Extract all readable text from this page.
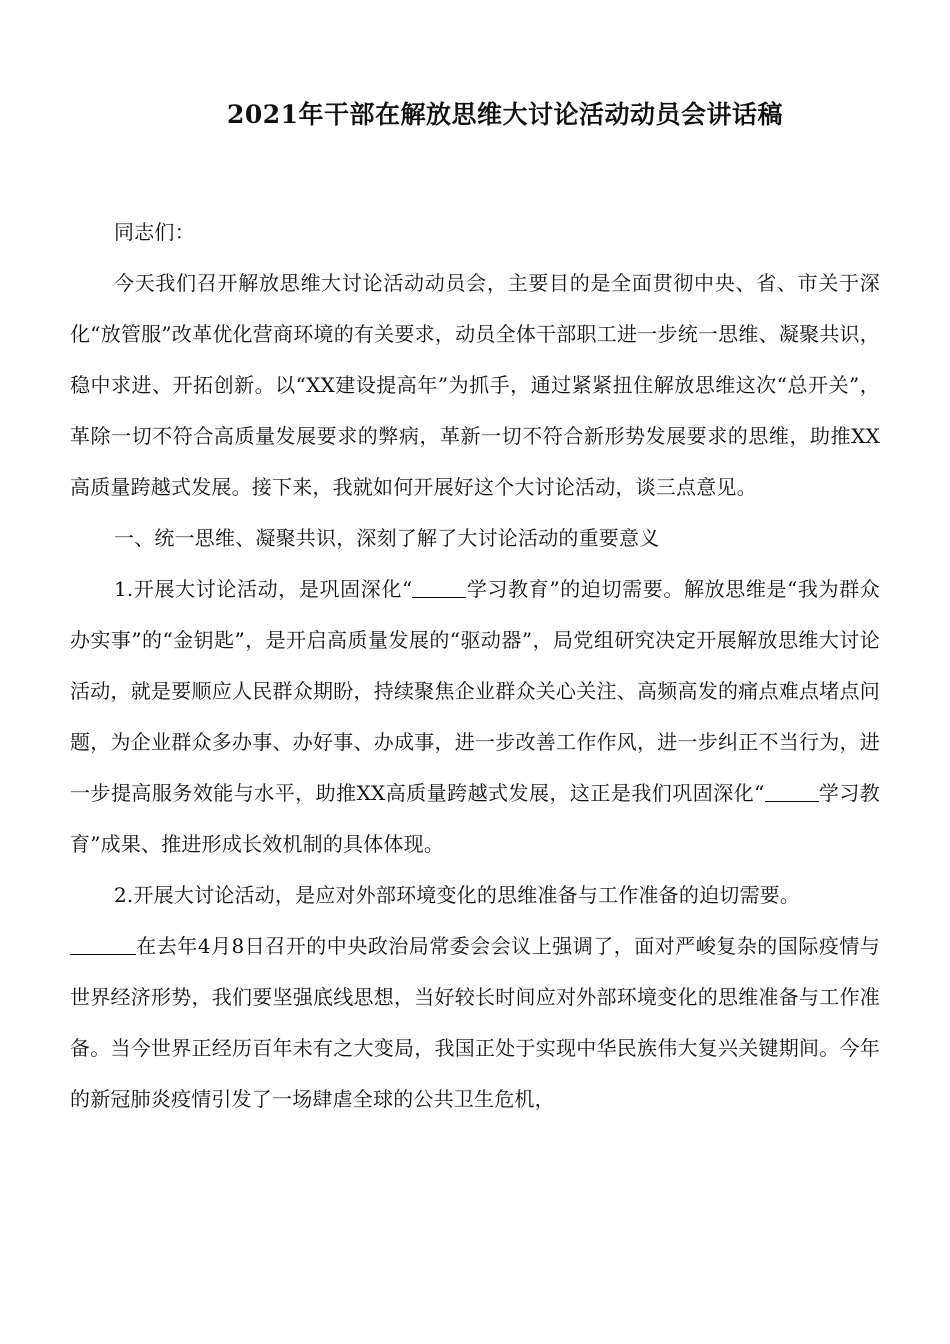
2021年干部在解放思维大讨论活动动员会讲话稿

同志们：

今天我们召开解放思维大讨论活动动员会，主要目的是全面贯彻中央、省、市关于深化“放管服”改革优化营商环境的有关要求，动员全体干部职工进一步统一思维、凝聚共识，稳中求进、开拓创新。以“XX建设提高年”为抓手，通过紧紧扭住解放思维这次“总开关”，革除一切不符合高质量发展要求的弊病，革新一切不符合新形势发展要求的思维，助推XX高质量跨越式发展。接下来，我就如何开展好这个大讨论活动，谈三点意见。

一、统一思维、凝聚共识，深刻了解了大讨论活动的重要意义

1.开展大讨论活动，是巩固深化“	学习教育”的迫切需要。解放思维是“我为群众办实事”的“金钥匙”，是开启高质量发展的“驱动器”，局党组研究决定开展解放思维大讨论活动，就是要顺应人民群众期盼，持续聚焦企业群众关心关注、高频高发的痛点难点堵点问题，为企业群众多办事、办好事、办成事，进一步改善工作作风，进一步纠正不当行为，进一步提高服务效能与水平，助推XX高质量跨越式发展，这正是我们巩固深化“	学习教育”成果、推进形成长效机制的具体体现。

2.开展大讨论活动，是应对外部环境变化的思维准备与工作准备的迫切需要。

在去年4月8日召开的中央政治局常委会会议上强调了，面对严峻复杂的国际疫情与世界经济形势，我们要坚强底线思想，当好较长时间应对外部环境变化的思维准备与工作准备。当今世界正经历百年未有之大变局，我国正处于实现中华民族伟大复兴关键期间。今年的新冠肺炎疫情引发了一场肆虐全球的公共卫生危机，
